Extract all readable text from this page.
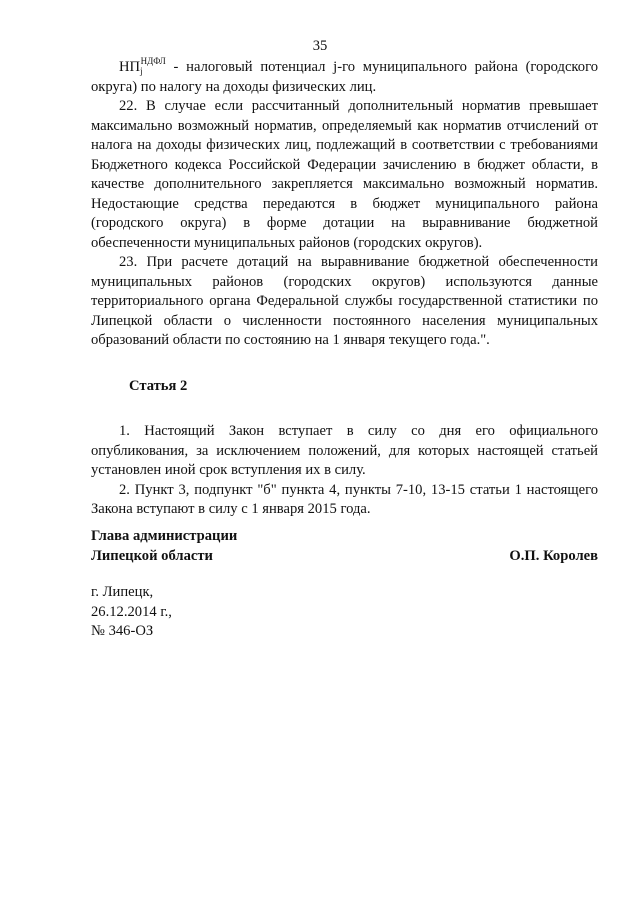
35

$НП_j^{НДФЛ}$ - налоговый потенциал j-го муниципального района (городского округа) по налогу на доходы физических лиц.

22. В случае если рассчитанный дополнительный норматив превышает максимально возможный норматив, определяемый как норматив отчислений от налога на доходы физических лиц, подлежащий в соответствии с требованиями Бюджетного кодекса Российской Федерации зачислению в бюджет области, в качестве дополнительного закрепляется максимально возможный норматив. Недостающие средства передаются в бюджет муниципального района (городского округа) в форме дотации на выравнивание бюджетной обеспеченности муниципальных районов (городских округов).

23. При расчете дотаций на выравнивание бюджетной обеспеченности муниципальных районов (городских округов) используются данные территориального органа Федеральной службы государственной статистики по Липецкой области о численности постоянного населения муниципальных образований области по состоянию на 1 января текущего года.".

Статья 2

1. Настоящий Закон вступает в силу со дня его официального опубликования, за исключением положений, для которых настоящей статьей установлен иной срок вступления их в силу.

2. Пункт 3, подпункт "б" пункта 4, пункты 7-10, 13-15 статьи 1 настоящего Закона вступают в силу с 1 января 2015 года.

Глава администрации
Липецкой области	О.П. Королев
г. Липецк,
26.12.2014 г.,
№ 346-ОЗ
